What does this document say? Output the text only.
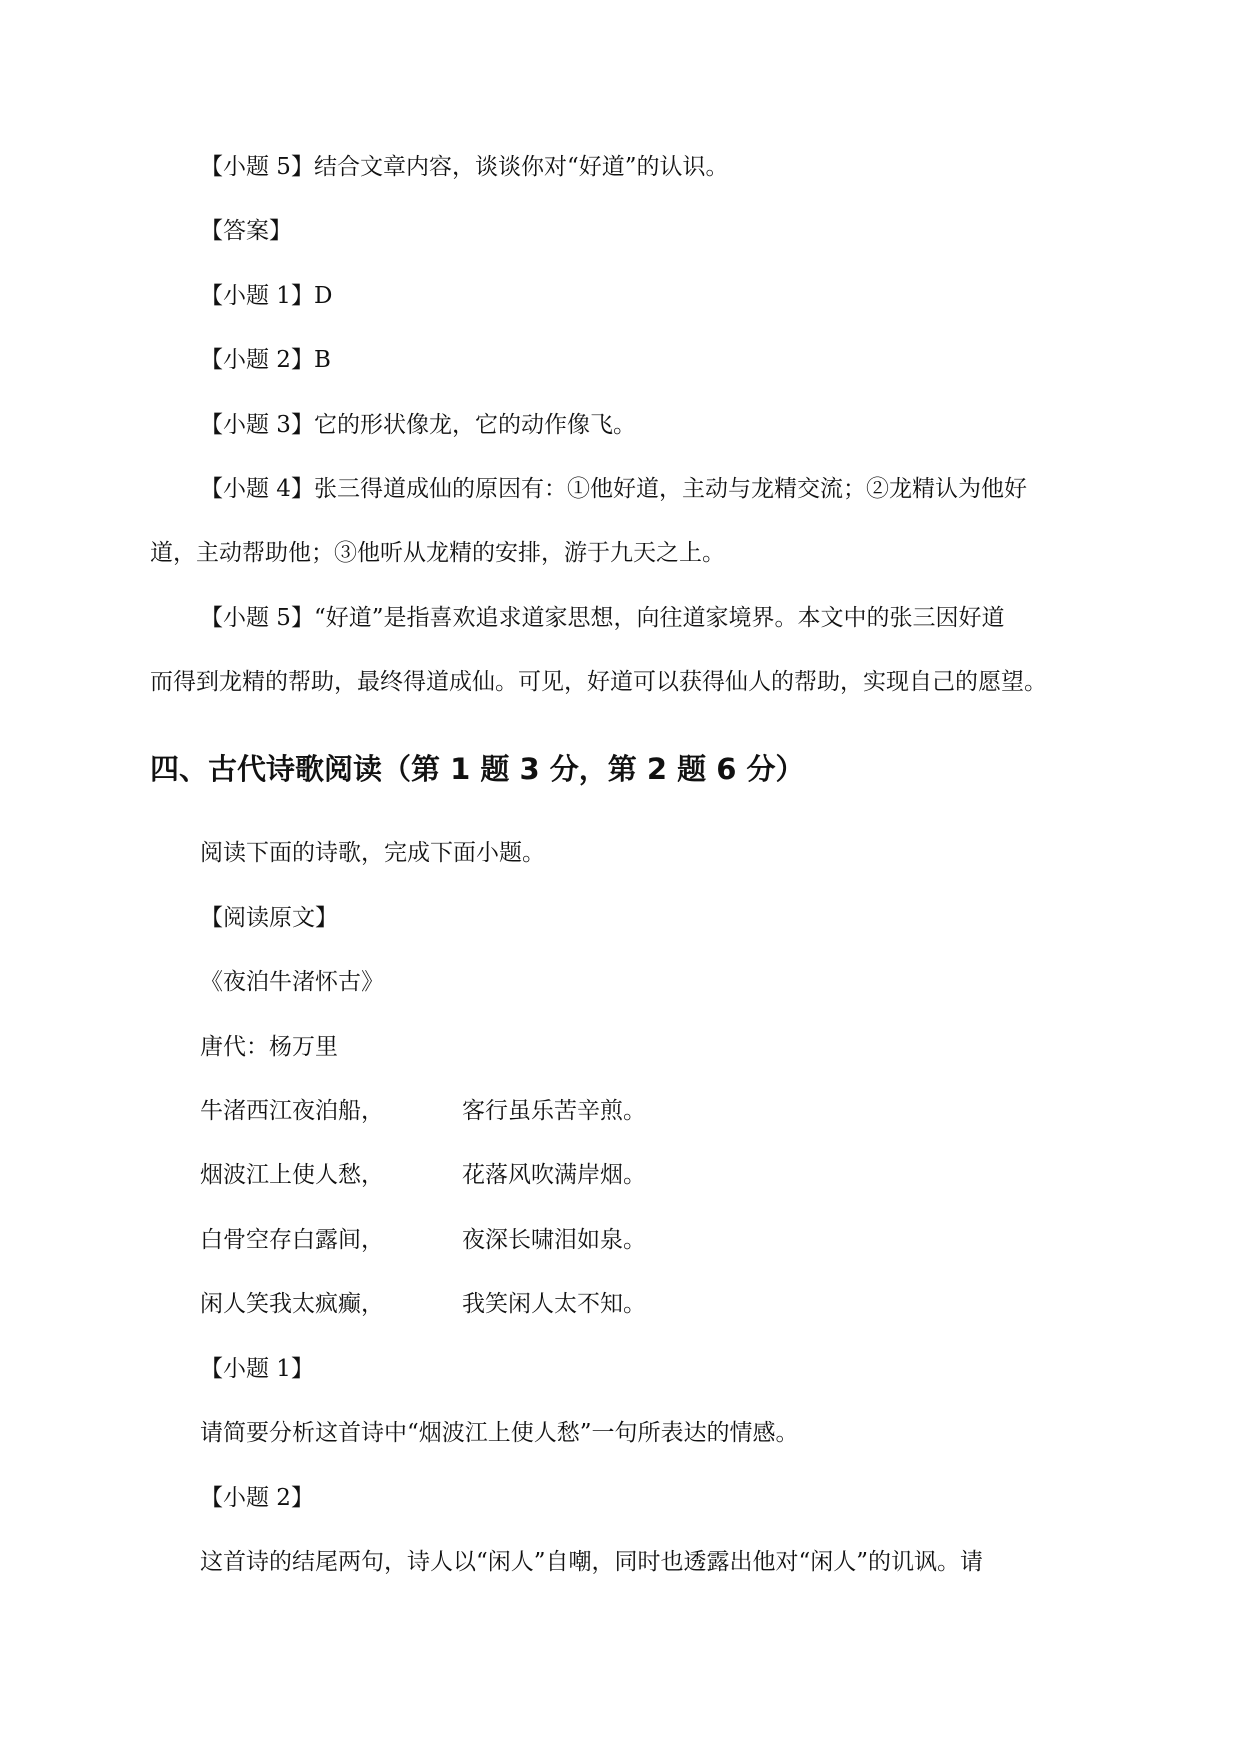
【小题 5】结合文章内容，谈谈你对“好道”的认识。
【答案】
【小题 1】D
【小题 2】B
【小题 3】它的形状像龙，它的动作像飞。
【小题 4】张三得道成仙的原因有：①他好道，主动与龙精交流；②龙精认为他好
道，主动帮助他；③他听从龙精的安排，游于九天之上。
【小题 5】“好道”是指喜欢追求道家思想，向往道家境界。本文中的张三因好道
而得到龙精的帮助，最终得道成仙。可见，好道可以获得仙人的帮助，实现自己的愿望。
四、古代诗歌阅读（第 1 题 3 分，第 2 题 6 分）
阅读下面的诗歌，完成下面小题。
【阅读原文】
《夜泊牛渚怀古》
唐代：杨万里
牛渚西江夜泊船，	客行虽乐苦辛煎。
烟波江上使人愁，	花落风吹满岸烟。
白骨空存白露间，	夜深长啸泪如泉。
闲人笑我太疯癫，	我笑闲人太不知。
【小题 1】
请简要分析这首诗中“烟波江上使人愁”一句所表达的情感。
【小题 2】
这首诗的结尾两句，诗人以“闲人”自嘲，同时也透露出他对“闲人”的讥讽。请
